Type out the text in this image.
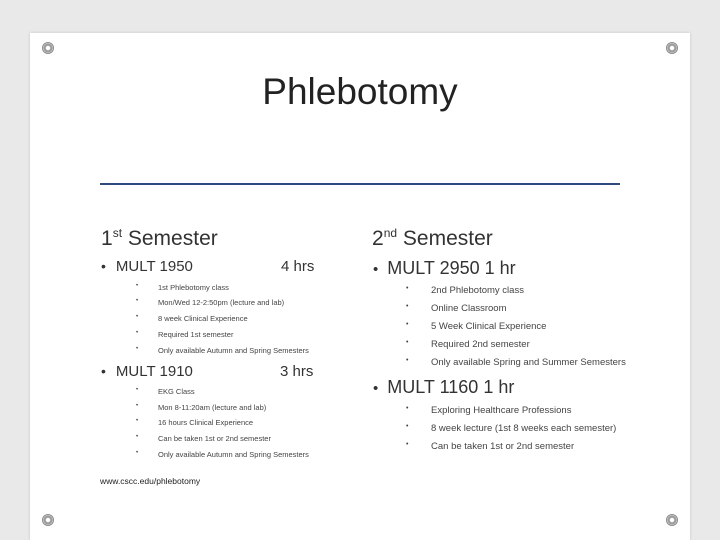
Phlebotomy
1st Semester
• MULT 1950	4 hrs
•	1st Phlebotomy class
•	Mon/Wed 12-2:50pm (lecture and lab)
•	8 week Clinical Experience
•	Required 1st semester
•	Only available Autumn and Spring Semesters
• MULT 1910	3 hrs
•	EKG Class
•	Mon 8-11:20am (lecture and lab)
•	16 hours Clinical Experience
•	Can be taken 1st or 2nd semester
•	Only available Autumn and Spring Semesters
www.cscc.edu/phlebotomy
2nd Semester
• MULT 2950 1 hr
• 2nd Phlebotomy class
• Online Classroom
• 5 Week Clinical Experience
• Required 2nd semester
• Only available Spring and Summer Semesters
• MULT 1160 1 hr
• Exploring Healthcare Professions
• 8 week lecture (1st 8 weeks each semester)
• Can be taken 1st or 2nd semester
